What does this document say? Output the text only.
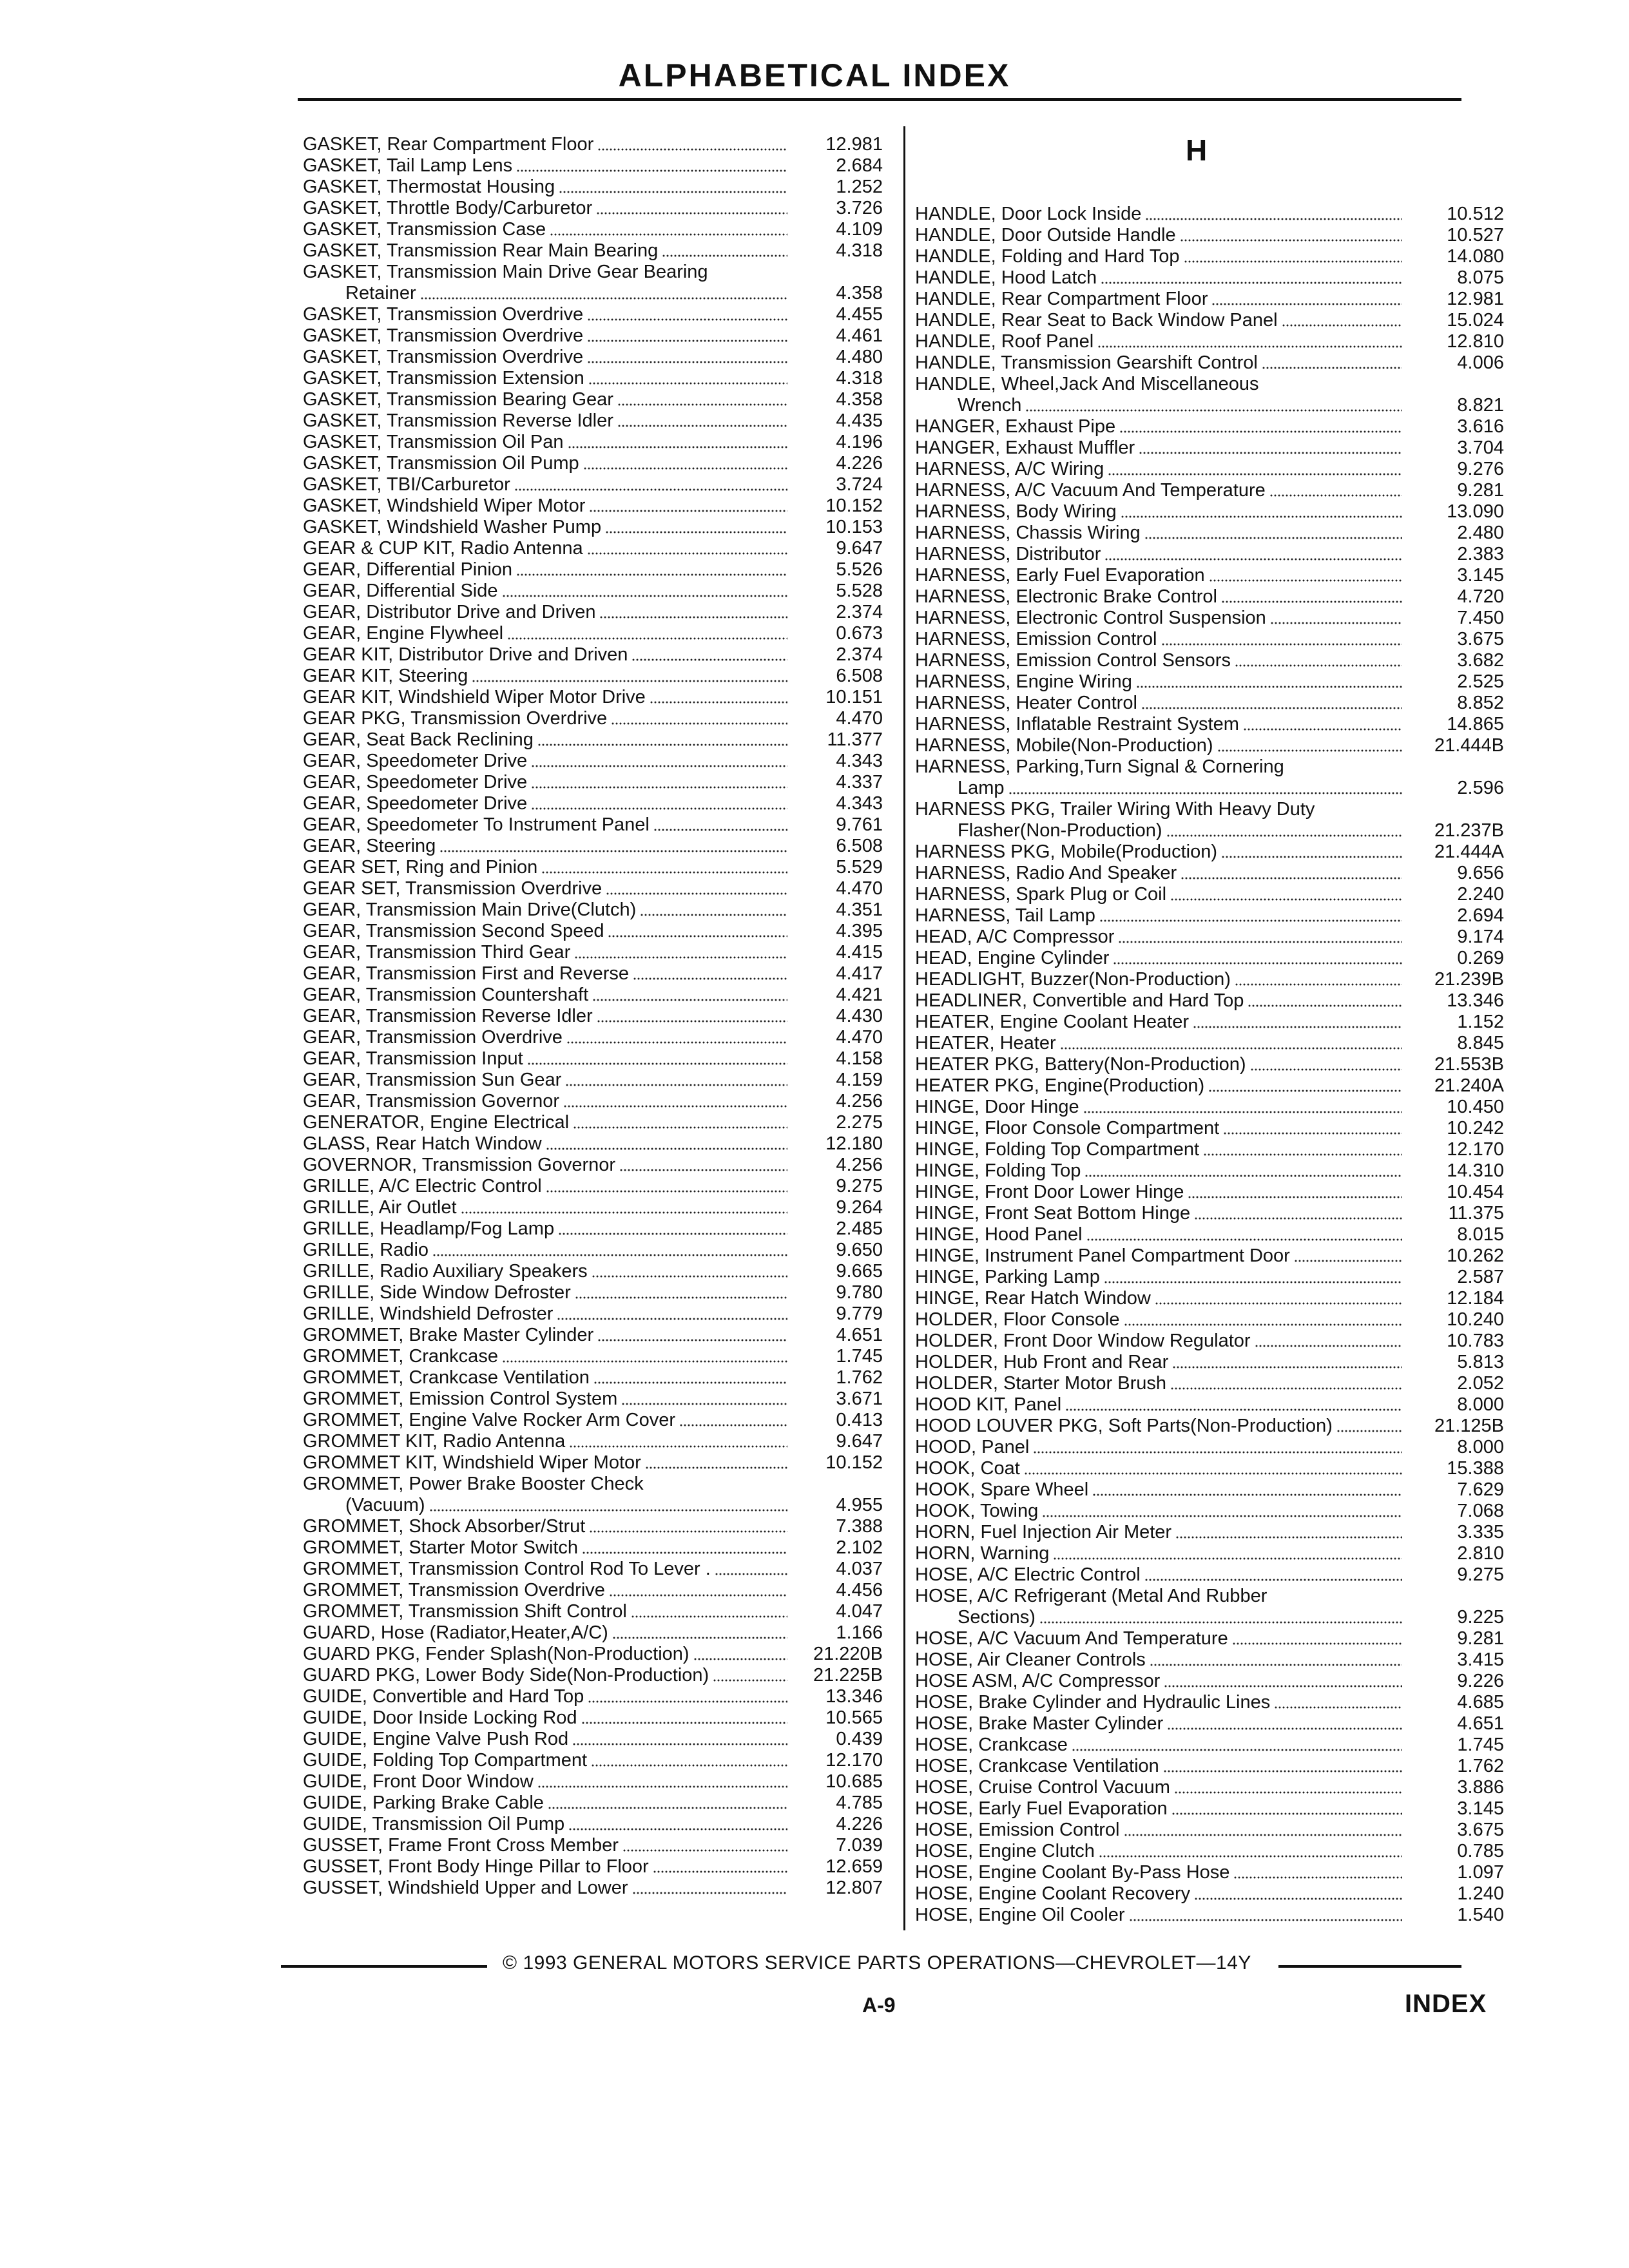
ALPHABETICAL INDEX
GASKET, Rear Compartment Floor	12.981
GASKET, Tail Lamp Lens	2.684
GASKET, Thermostat Housing	1.252
GASKET, Throttle Body/Carburetor	3.726
GASKET, Transmission Case	4.109
GASKET, Transmission Rear Main Bearing	4.318
GASKET, Transmission Main Drive Gear Bearing
Retainer	4.358
GASKET, Transmission Overdrive	4.455
GASKET, Transmission Overdrive	4.461
GASKET, Transmission Overdrive	4.480
GASKET, Transmission Extension	4.318
GASKET, Transmission Bearing Gear	4.358
GASKET, Transmission Reverse Idler	4.435
GASKET, Transmission Oil Pan	4.196
GASKET, Transmission Oil Pump	4.226
GASKET, TBI/Carburetor	3.724
GASKET, Windshield Wiper Motor	10.152
GASKET, Windshield Washer Pump	10.153
GEAR & CUP KIT, Radio Antenna	9.647
GEAR, Differential Pinion	5.526
GEAR, Differential Side	5.528
GEAR, Distributor Drive and Driven	2.374
GEAR, Engine Flywheel	0.673
GEAR KIT, Distributor Drive and Driven	2.374
GEAR KIT, Steering	6.508
GEAR KIT, Windshield Wiper Motor Drive	10.151
GEAR PKG, Transmission Overdrive	4.470
GEAR, Seat Back Reclining	11.377
GEAR, Speedometer Drive	4.343
GEAR, Speedometer Drive	4.337
GEAR, Speedometer Drive	4.343
GEAR, Speedometer To Instrument Panel	9.761
GEAR, Steering	6.508
GEAR SET, Ring and Pinion	5.529
GEAR SET, Transmission Overdrive	4.470
GEAR, Transmission Main Drive(Clutch)	4.351
GEAR, Transmission Second Speed	4.395
GEAR, Transmission Third Gear	4.415
GEAR, Transmission First and Reverse	4.417
GEAR, Transmission Countershaft	4.421
GEAR, Transmission Reverse Idler	4.430
GEAR, Transmission Overdrive	4.470
GEAR, Transmission Input	4.158
GEAR, Transmission Sun Gear	4.159
GEAR, Transmission Governor	4.256
GENERATOR, Engine Electrical	2.275
GLASS, Rear Hatch Window	12.180
GOVERNOR, Transmission Governor	4.256
GRILLE, A/C Electric Control	9.275
GRILLE, Air Outlet	9.264
GRILLE, Headlamp/Fog Lamp	2.485
GRILLE, Radio	9.650
GRILLE, Radio Auxiliary Speakers	9.665
GRILLE, Side Window Defroster	9.780
GRILLE, Windshield Defroster	9.779
GROMMET, Brake Master Cylinder	4.651
GROMMET, Crankcase	1.745
GROMMET, Crankcase Ventilation	1.762
GROMMET, Emission Control System	3.671
GROMMET, Engine Valve Rocker Arm Cover	0.413
GROMMET KIT, Radio Antenna	9.647
GROMMET KIT, Windshield Wiper Motor	10.152
GROMMET, Power Brake Booster Check
(Vacuum)	4.955
GROMMET, Shock Absorber/Strut	7.388
GROMMET, Starter Motor Switch	2.102
GROMMET, Transmission Control Rod To Lever .	4.037
GROMMET, Transmission Overdrive	4.456
GROMMET, Transmission Shift Control	4.047
GUARD, Hose (Radiator,Heater,A/C)	1.166
GUARD PKG, Fender Splash(Non-Production)	21.220B
GUARD PKG, Lower Body Side(Non-Production)	21.225B
GUIDE, Convertible and Hard Top	13.346
GUIDE, Door Inside Locking Rod	10.565
GUIDE, Engine Valve Push Rod	0.439
GUIDE, Folding Top Compartment	12.170
GUIDE, Front Door Window	10.685
GUIDE, Parking Brake Cable	4.785
GUIDE, Transmission Oil Pump	4.226
GUSSET, Frame Front Cross Member	7.039
GUSSET, Front Body Hinge Pillar to Floor	12.659
GUSSET, Windshield Upper and Lower	12.807
H
HANDLE, Door Lock Inside	10.512
HANDLE, Door Outside Handle	10.527
HANDLE, Folding and Hard Top	14.080
HANDLE, Hood Latch	8.075
HANDLE, Rear Compartment Floor	12.981
HANDLE, Rear Seat to Back Window Panel	15.024
HANDLE, Roof Panel	12.810
HANDLE, Transmission Gearshift Control	4.006
HANDLE, Wheel,Jack And Miscellaneous
Wrench	8.821
HANGER, Exhaust Pipe	3.616
HANGER, Exhaust Muffler	3.704
HARNESS, A/C Wiring	9.276
HARNESS, A/C Vacuum And Temperature	9.281
HARNESS, Body Wiring	13.090
HARNESS, Chassis Wiring	2.480
HARNESS, Distributor	2.383
HARNESS, Early Fuel Evaporation	3.145
HARNESS, Electronic Brake Control	4.720
HARNESS, Electronic Control Suspension	7.450
HARNESS, Emission Control	3.675
HARNESS, Emission Control Sensors	3.682
HARNESS, Engine Wiring	2.525
HARNESS, Heater Control	8.852
HARNESS, Inflatable Restraint System	14.865
HARNESS, Mobile(Non-Production)	21.444B
HARNESS, Parking,Turn Signal & Cornering
Lamp	2.596
HARNESS PKG, Trailer Wiring With Heavy Duty
Flasher(Non-Production)	21.237B
HARNESS PKG, Mobile(Production)	21.444A
HARNESS, Radio And Speaker	9.656
HARNESS, Spark Plug or Coil	2.240
HARNESS, Tail Lamp	2.694
HEAD, A/C Compressor	9.174
HEAD, Engine Cylinder	0.269
HEADLIGHT, Buzzer(Non-Production)	21.239B
HEADLINER, Convertible and Hard Top	13.346
HEATER, Engine Coolant Heater	1.152
HEATER, Heater	8.845
HEATER PKG, Battery(Non-Production)	21.553B
HEATER PKG, Engine(Production)	21.240A
HINGE, Door Hinge	10.450
HINGE, Floor Console Compartment	10.242
HINGE, Folding Top Compartment	12.170
HINGE, Folding Top	14.310
HINGE, Front Door Lower Hinge	10.454
HINGE, Front Seat Bottom Hinge	11.375
HINGE, Hood Panel	8.015
HINGE, Instrument Panel Compartment Door	10.262
HINGE, Parking Lamp	2.587
HINGE, Rear Hatch Window	12.184
HOLDER, Floor Console	10.240
HOLDER, Front Door Window Regulator	10.783
HOLDER, Hub Front and Rear	5.813
HOLDER, Starter Motor Brush	2.052
HOOD KIT, Panel	8.000
HOOD LOUVER PKG, Soft Parts(Non-Production)	21.125B
HOOD, Panel	8.000
HOOK, Coat	15.388
HOOK, Spare Wheel	7.629
HOOK, Towing	7.068
HORN, Fuel Injection Air Meter	3.335
HORN, Warning	2.810
HOSE, A/C Electric Control	9.275
HOSE, A/C Refrigerant (Metal And Rubber
Sections)	9.225
HOSE, A/C Vacuum And Temperature	9.281
HOSE, Air Cleaner Controls	3.415
HOSE ASM, A/C Compressor	9.226
HOSE, Brake Cylinder and Hydraulic Lines	4.685
HOSE, Brake Master Cylinder	4.651
HOSE, Crankcase	1.745
HOSE, Crankcase Ventilation	1.762
HOSE, Cruise Control Vacuum	3.886
HOSE, Early Fuel Evaporation	3.145
HOSE, Emission Control	3.675
HOSE, Engine Clutch	0.785
HOSE, Engine Coolant By-Pass Hose	1.097
HOSE, Engine Coolant Recovery	1.240
HOSE, Engine Oil Cooler	1.540
© 1993 GENERAL MOTORS SERVICE PARTS OPERATIONS—CHEVROLET—14Y
A-9	INDEX
